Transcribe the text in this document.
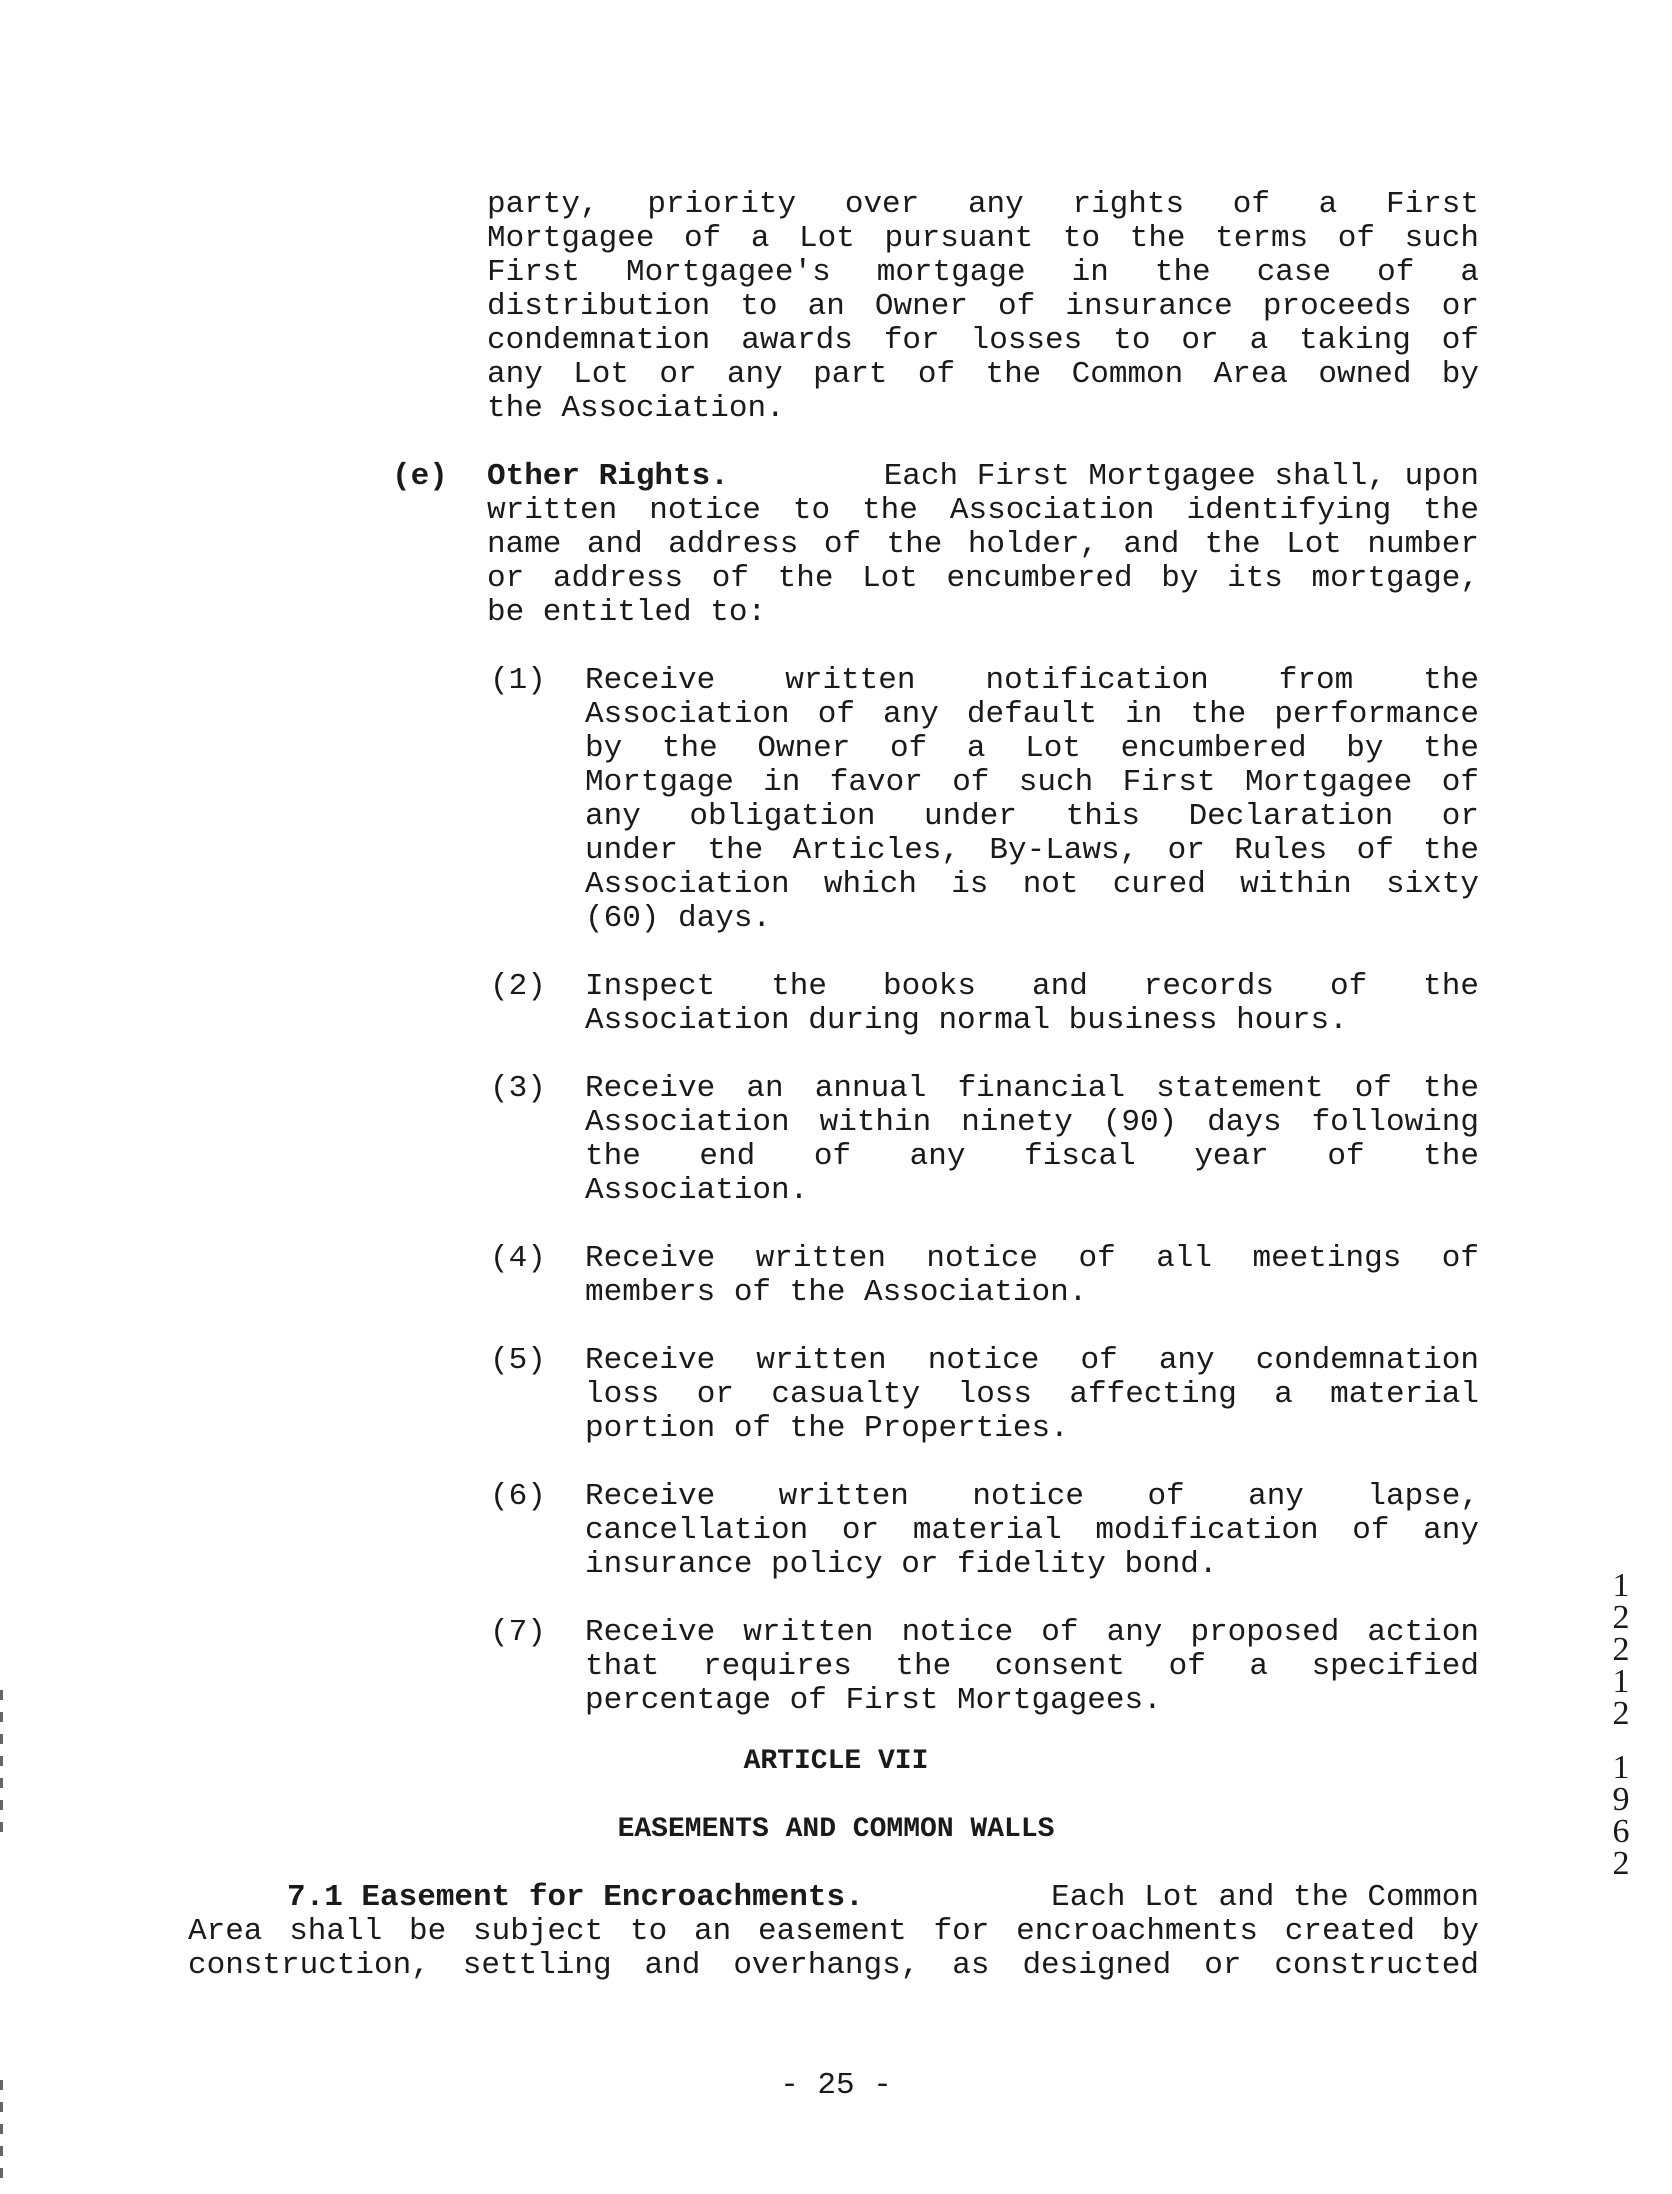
party, priority over any rights of a First
Mortgagee of a Lot pursuant to the terms of such
First Mortgagee's mortgage in the case of a
distribution to an Owner of insurance proceeds or
condemnation awards for losses to or a taking of
any Lot or any part of the Common Area owned by
the Association.
(e) Other Rights.	Each First Mortgagee shall, upon
written notice to the Association identifying the
name and address of the holder, and the Lot number
or address of the Lot encumbered by its mortgage,
be entitled to:
(1) Receive written notification from the
Association of any default in the performance
by the Owner of a Lot encumbered by the
Mortgage in favor of such First Mortgagee of
any obligation under this Declaration or
under the Articles, By-Laws, or Rules of the
Association which is not cured within sixty
(60) days.
(2) Inspect the books and records of the
Association during normal business hours.
(3) Receive an annual financial statement of the
Association within ninety (90) days following
the end of any fiscal year of the
Association.
(4) Receive written notice of all meetings of
members of the Association.
(5) Receive written notice of any condemnation
loss or casualty loss affecting a material
portion of the Properties.
(6) Receive written notice of any lapse,
cancellation or material modification of any
insurance policy or fidelity bond.
(7) Receive written notice of any proposed action
that requires the consent of a specified
percentage of First Mortgagees.
ARTICLE VII
EASEMENTS AND COMMON WALLS
7.1 Easement for Encroachments.	Each Lot and the Common
Area shall be subject to an easement for encroachments created by
construction, settling and overhangs, as designed or constructed
- 25 -
1
2
2
1
2
1
9
6
2
